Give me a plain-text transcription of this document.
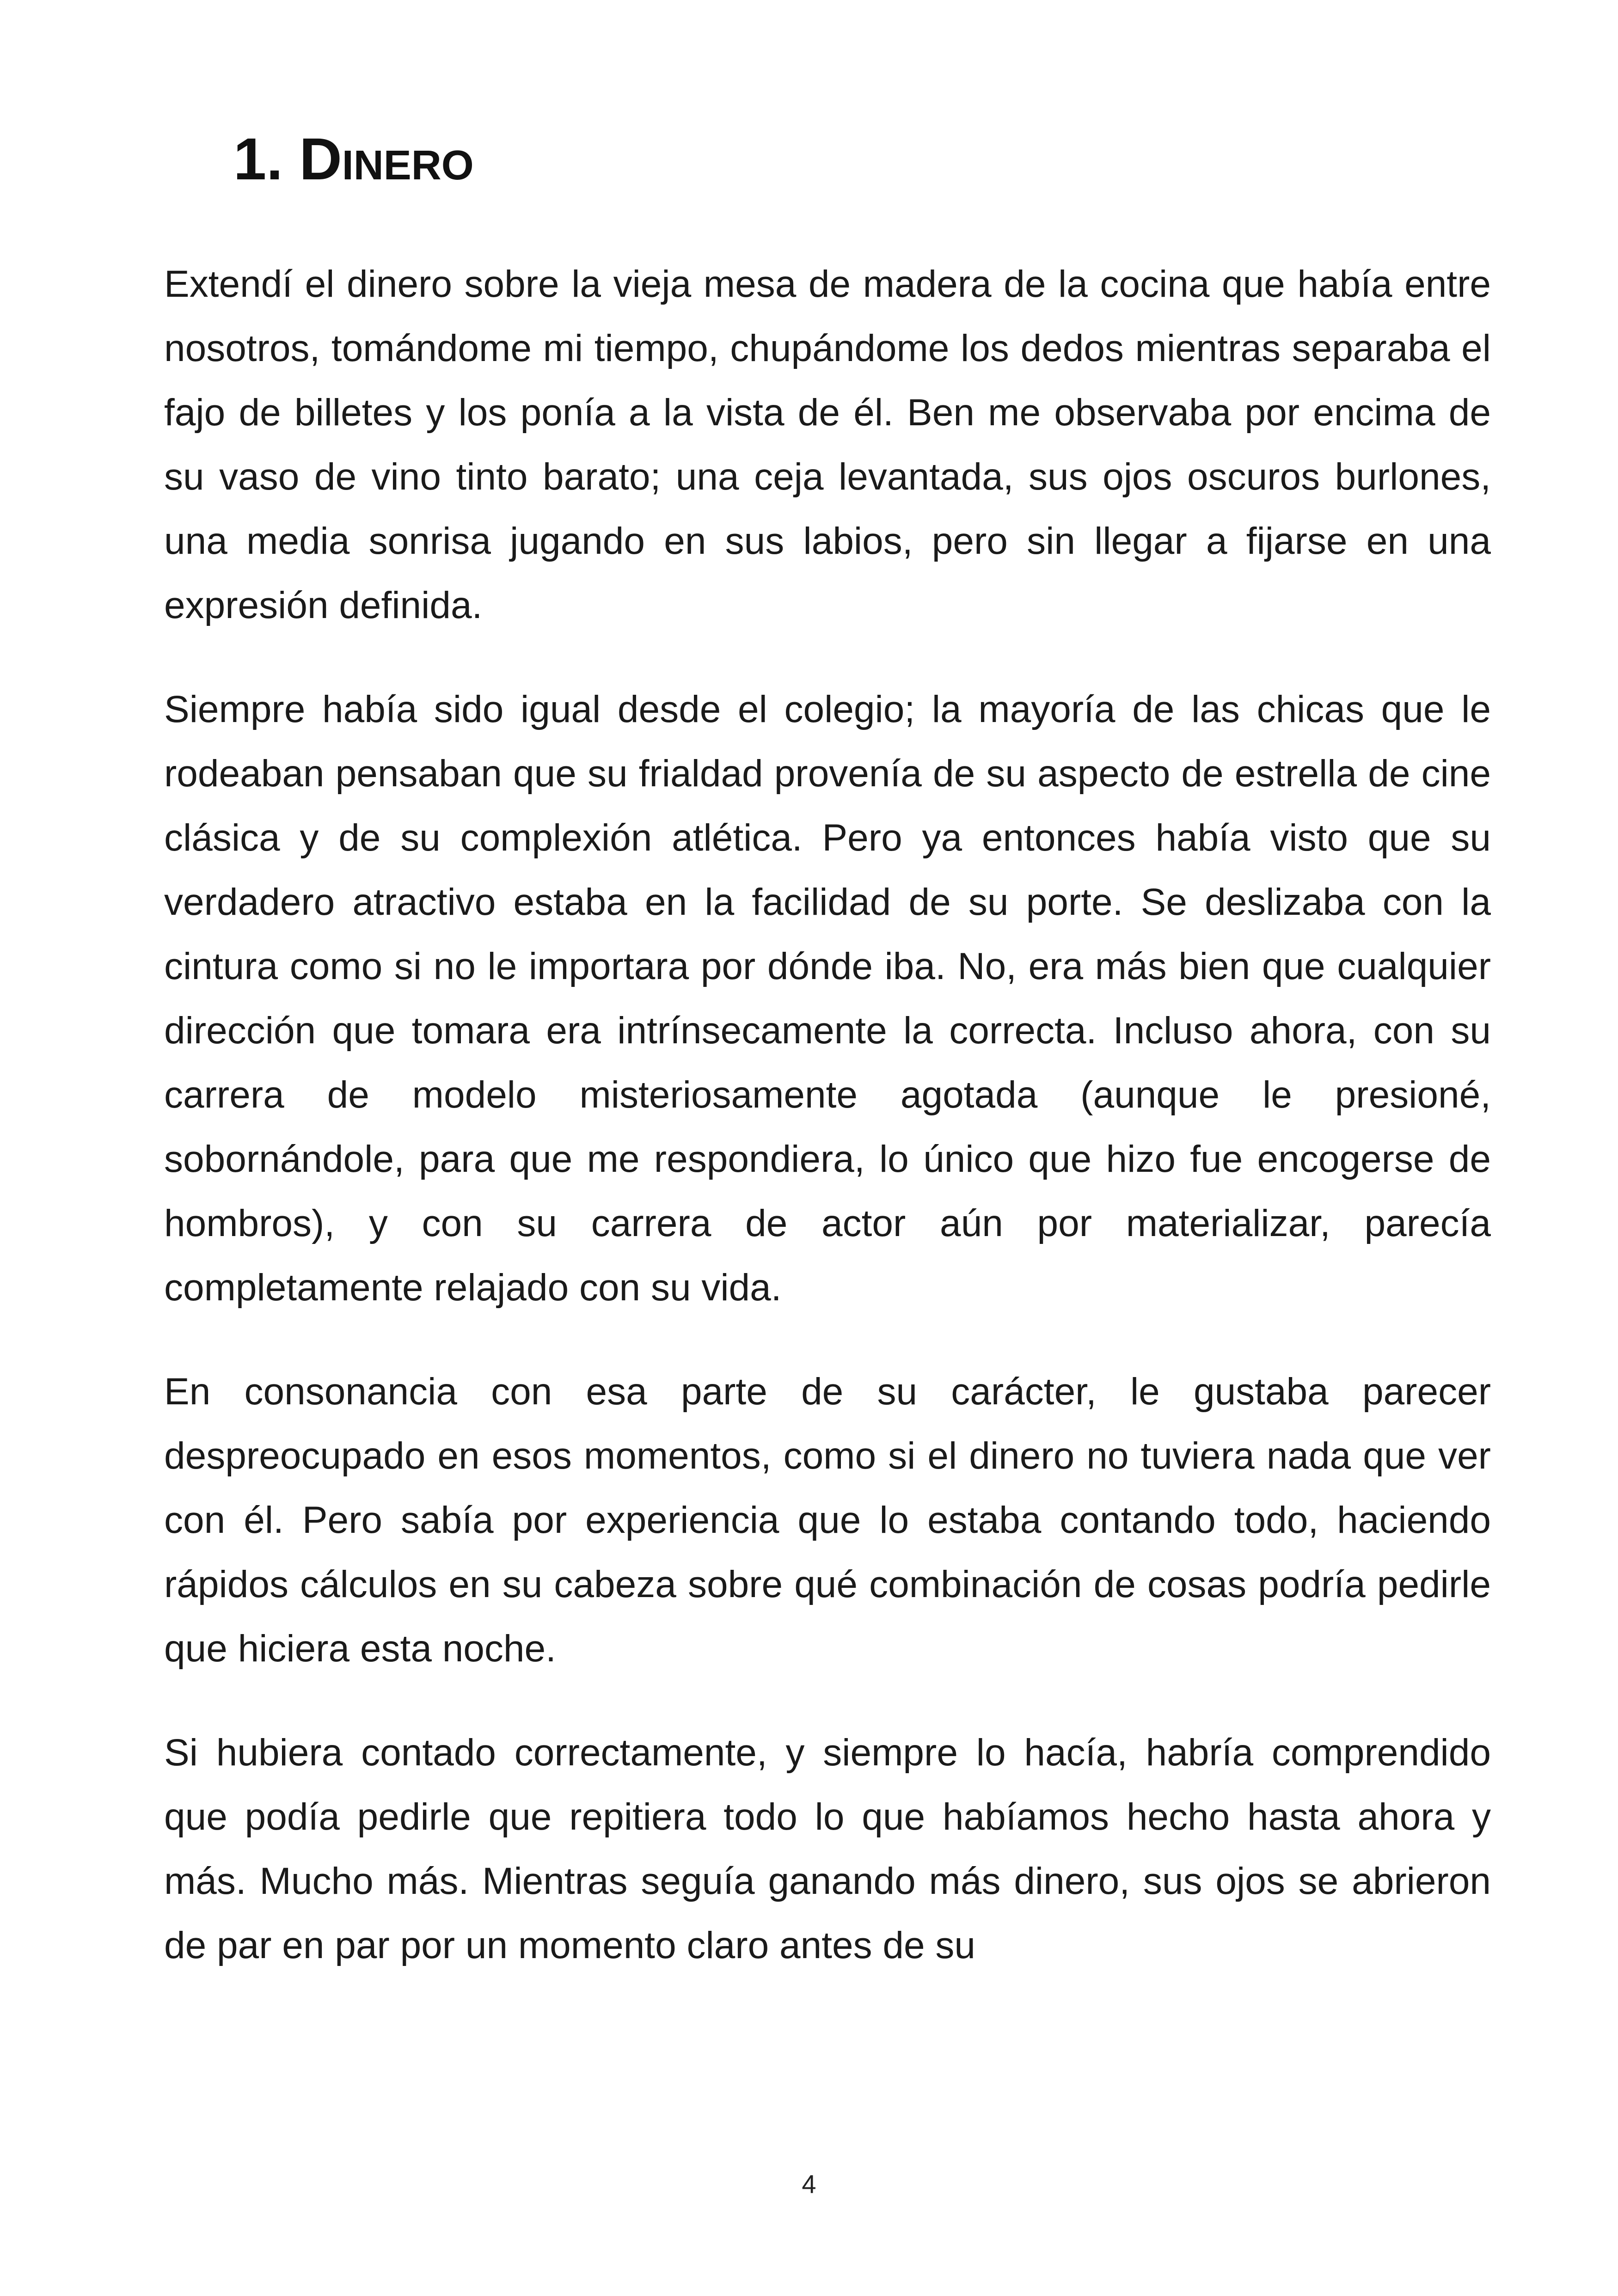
1. Dinero

Extendí el dinero sobre la vieja mesa de madera de la cocina que había entre nosotros, tomándome mi tiempo, chupándome los dedos mientras separaba el fajo de billetes y los ponía a la vista de él. Ben me observaba por encima de su vaso de vino tinto barato; una ceja levantada, sus ojos oscuros burlones, una media sonrisa jugando en sus labios, pero sin llegar a fijarse en una expresión definida.

Siempre había sido igual desde el colegio; la mayoría de las chicas que le rodeaban pensaban que su frialdad provenía de su aspecto de estrella de cine clásica y de su complexión atlética. Pero ya entonces había visto que su verdadero atractivo estaba en la facilidad de su porte. Se deslizaba con la cintura como si no le importara por dónde iba. No, era más bien que cualquier dirección que tomara era intrínsecamente la correcta. Incluso ahora, con su carrera de modelo misteriosamente agotada (aunque le presioné, sobornándole, para que me respondiera, lo único que hizo fue encogerse de hombros), y con su carrera de actor aún por materializar, parecía completamente relajado con su vida.

En consonancia con esa parte de su carácter, le gustaba parecer despreocupado en esos momentos, como si el dinero no tuviera nada que ver con él. Pero sabía por experiencia que lo estaba contando todo, haciendo rápidos cálculos en su cabeza sobre qué combinación de cosas podría pedirle que hiciera esta noche.

Si hubiera contado correctamente, y siempre lo hacía, habría comprendido que podía pedirle que repitiera todo lo que habíamos hecho hasta ahora y más. Mucho más. Mientras seguía ganando más dinero, sus ojos se abrieron de par en par por un momento claro antes de su

4
